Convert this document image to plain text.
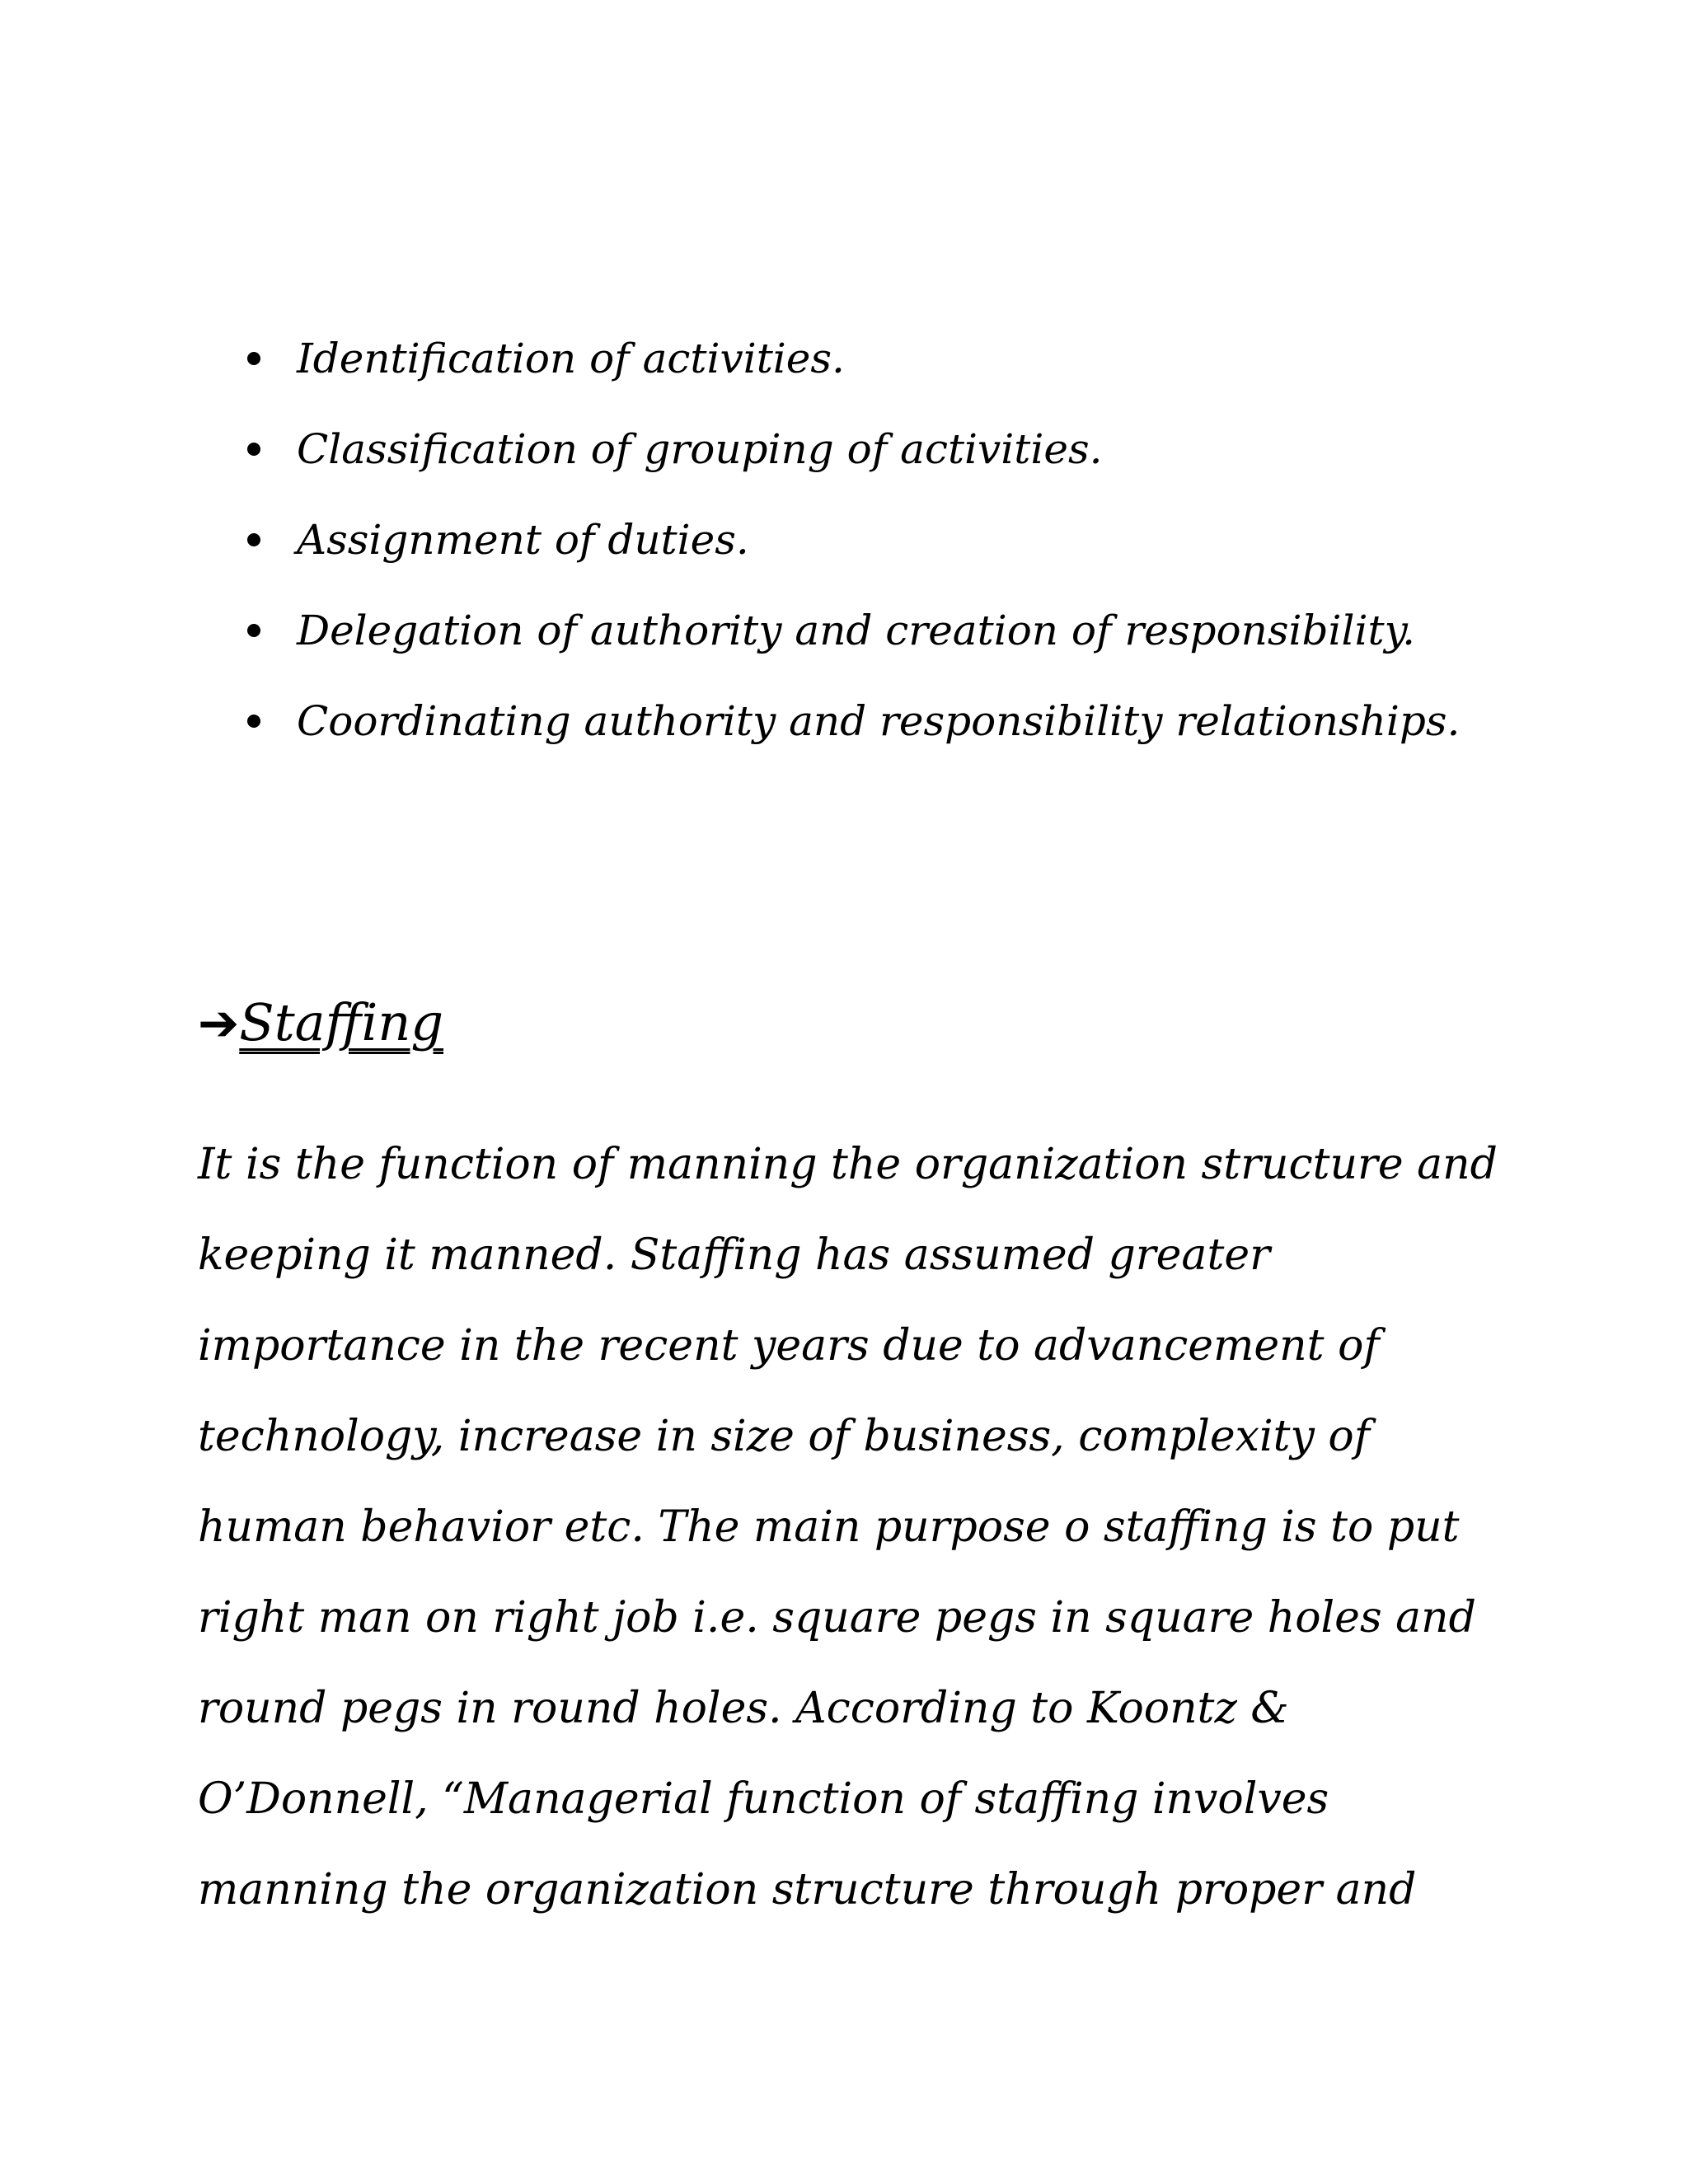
Identification of activities.
Classification of grouping of activities.
Assignment of duties.
Delegation of authority and creation of responsibility.
Coordinating authority and responsibility relationships.
➔Staffing

It is the function of manning the organization structure and keeping it manned. Staffing has assumed greater importance in the recent years due to advancement of technology, increase in size of business, complexity of human behavior etc. The main purpose o staffing is to put right man on right job i.e. square pegs in square holes and round pegs in round holes. According to Koontz & O’Donnell, “Managerial function of staffing involves manning the organization structure through proper and
